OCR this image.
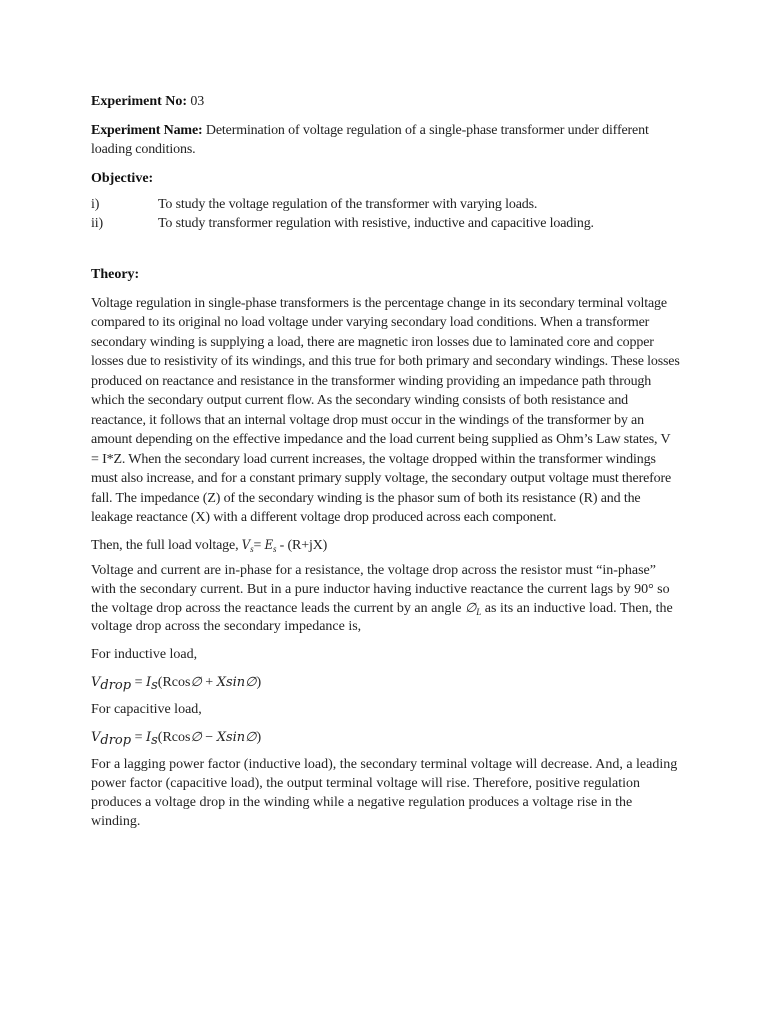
Experiment No: 03

Experiment Name: Determination of voltage regulation of a single-phase transformer under different loading conditions.

Objective:

i)	To study the voltage regulation of the transformer with varying loads.
ii)	To study transformer regulation with resistive, inductive and capacitive loading.

Theory:

Voltage regulation in single-phase transformers is the percentage change in its secondary terminal voltage compared to its original no load voltage under varying secondary load conditions. When a transformer secondary winding is supplying a load, there are magnetic iron losses due to laminated core and copper losses due to resistivity of its windings, and this true for both primary and secondary windings. These losses produced on reactance and resistance in the transformer winding providing an impedance path through which the secondary output current flow. As the secondary winding consists of both resistance and reactance, it follows that an internal voltage drop must occur in the windings of the transformer by an amount depending on the effective impedance and the load current being supplied as Ohm’s Law states, V = I*Z. When the secondary load current increases, the voltage dropped within the transformer windings must also increase, and for a constant primary supply voltage, the secondary output voltage must therefore fall. The impedance (Z) of the secondary winding is the phasor sum of both its resistance (R) and the leakage reactance (X) with a different voltage drop produced across each component.

Then, the full load voltage, $V_s= E_s - (R+jX)$

Voltage and current are in-phase for a resistance, the voltage drop across the resistor must “in-phase” with the secondary current. But in a pure inductor having inductive reactance the current lags by 90° so the voltage drop across the reactance leads the current by an angle $\emptyset_L$ as its an inductive load. Then, the voltage drop across the secondary impedance is,

For inductive load,

$V_{drop}$ = $I_s(Rcos\emptyset$ + Xsin∅)

For capacitive load,

$V_{drop}$ = $I_s(Rcos\emptyset$ − Xsin∅)

For a lagging power factor (inductive load), the secondary terminal voltage will decrease. And, a leading power factor (capacitive load), the output terminal voltage will rise. Therefore, positive regulation produces a voltage drop in the winding while a negative regulation produces a voltage rise in the winding.
